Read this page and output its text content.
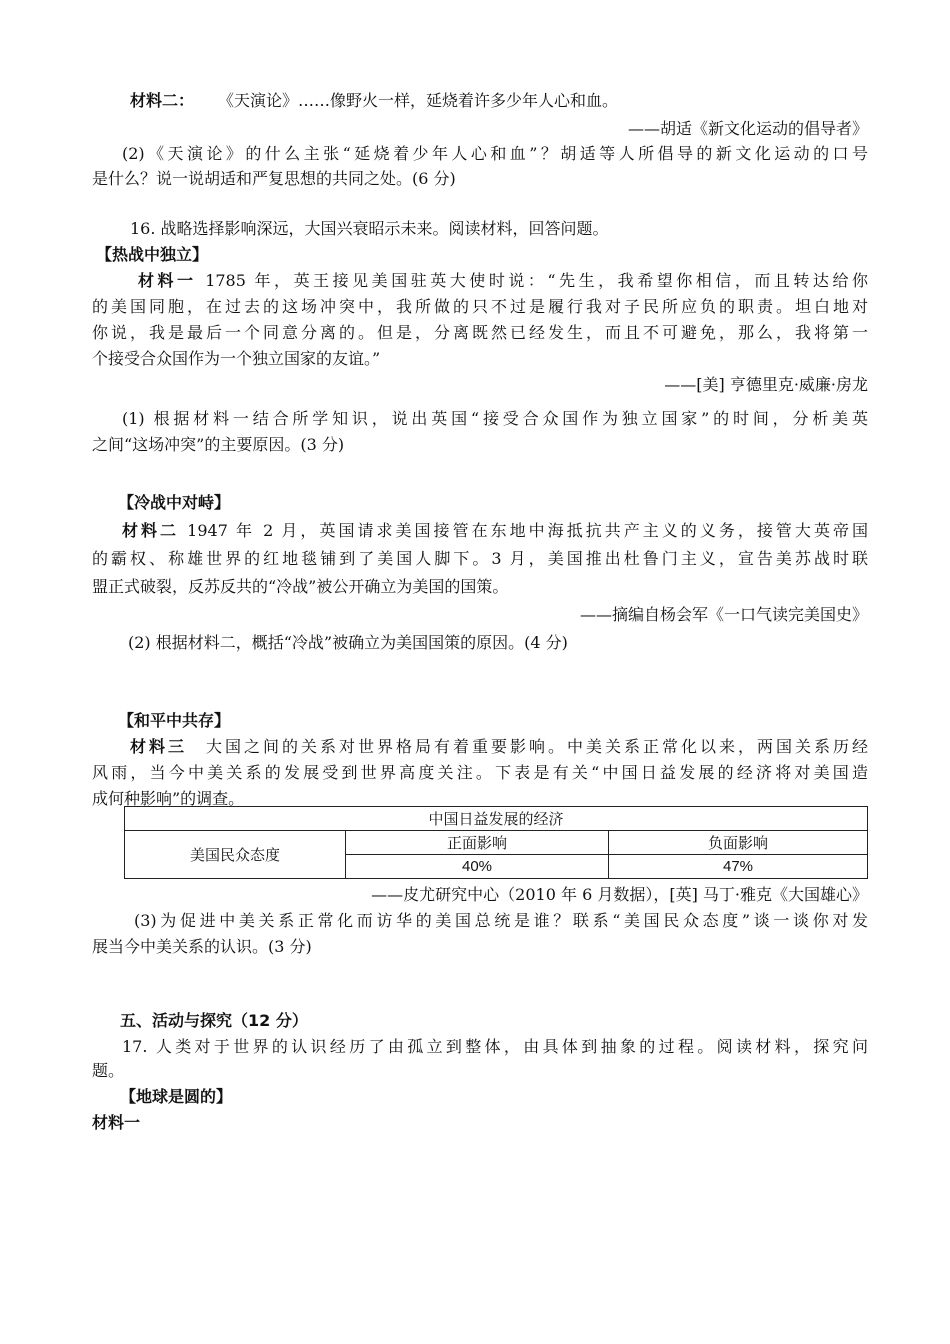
材料二： 《天演论》……像野火一样，延烧着许多少年人心和血。
——胡适《新文化运动的倡导者》
(2)《天演论》的什么主张“延烧着少年人心和血”？胡适等人所倡导的新文化运动的口号
是什么？说一说胡适和严复思想的共同之处。(6 分)
16. 战略选择影响深远，大国兴衰昭示未来。阅读材料，回答问题。
【热战中独立】
材料一 1785 年，英王接见美国驻英大使时说：“先生，我希望你相信，而且转达给你
的美国同胞，在过去的这场冲突中，我所做的只不过是履行我对子民所应负的职责。坦白地对
你说，我是最后一个同意分离的。但是，分离既然已经发生，而且不可避免，那么，我将第一
个接受合众国作为一个独立国家的友谊。”
——[美] 亨德里克·威廉·房龙
(1) 根据材料一结合所学知识，说出英国“接受合众国作为独立国家”的时间，分析美英
之间“这场冲突”的主要原因。(3 分)
【冷战中对峙】
材料二 1947 年 2 月，英国请求美国接管在东地中海抵抗共产主义的义务，接管大英帝国
的霸权、称雄世界的红地毯铺到了美国人脚下。3 月，美国推出杜鲁门主义，宣告美苏战时联
盟正式破裂，反苏反共的“冷战”被公开确立为美国的国策。
——摘编自杨会军《一口气读完美国史》
(2) 根据材料二，概括“冷战”被确立为美国国策的原因。(4 分)
【和平中共存】
材料三　大国之间的关系对世界格局有着重要影响。中美关系正常化以来，两国关系历经
风雨，当今中美关系的发展受到世界高度关注。下表是有关“中国日益发展的经济将对美国造
成何种影响”的调查。
中国日益发展的经济		
美国民众态度	正面影响	负面影响
	40%	47%
——皮尤研究中心（2010 年 6 月数据），[英] 马丁·雅克《大国雄心》
(3)为促进中美关系正常化而访华的美国总统是谁？联系“美国民众态度”谈一谈你对发
展当今中美关系的认识。(3 分)
五、活动与探究（12 分）
17. 人类对于世界的认识经历了由孤立到整体，由具体到抽象的过程。阅读材料，探究问
题。
【地球是圆的】
材料一
